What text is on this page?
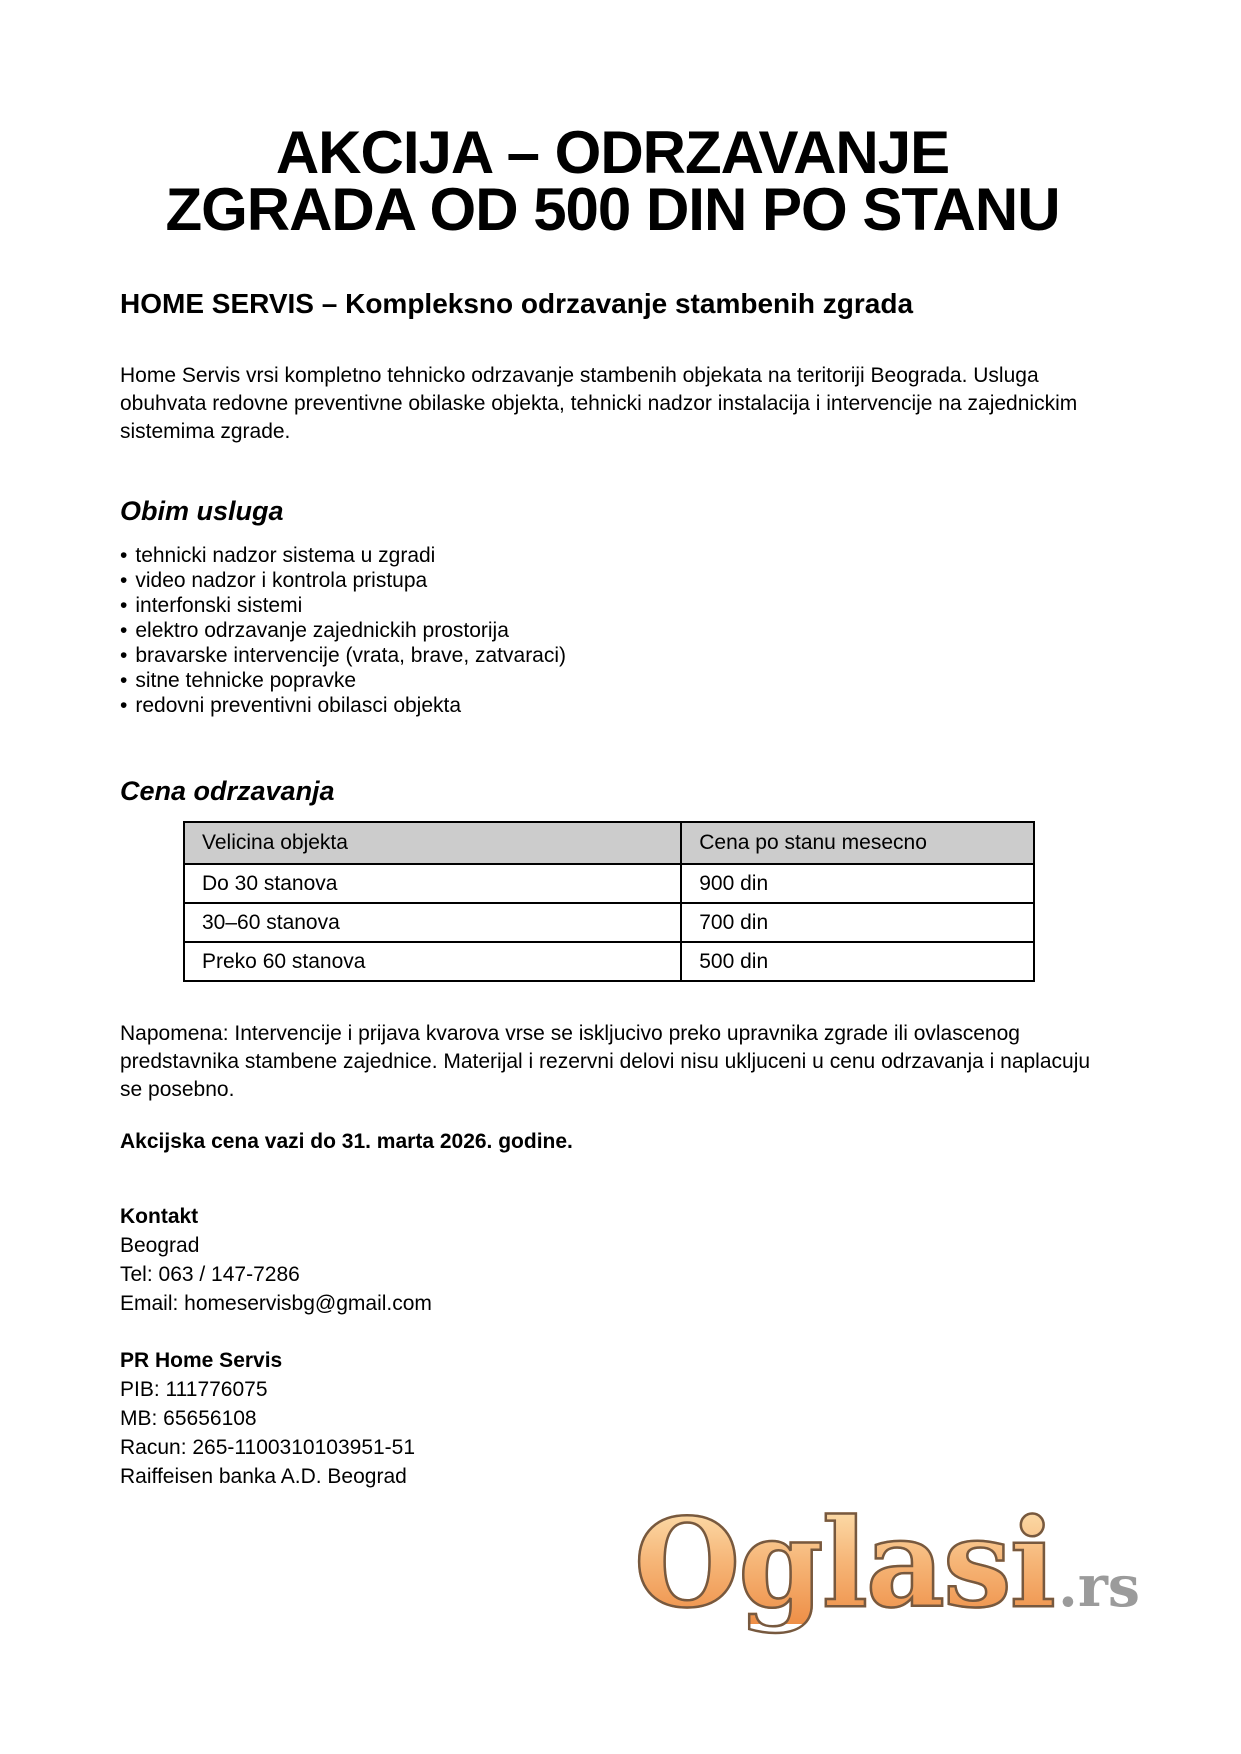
AKCIJA – ODRZAVANJE
ZGRADA OD 500 DIN PO STANU
HOME SERVIS – Kompleksno odrzavanje stambenih zgrada
Home Servis vrsi kompletno tehnicko odrzavanje stambenih objekata na teritoriji Beograda. Usluga
obuhvata redovne preventivne obilaske objekta, tehnicki nadzor instalacija i intervencije na zajednickim
sistemima zgrade.
Obim usluga
• tehnicki nadzor sistema u zgradi
• video nadzor i kontrola pristupa
• interfonski sistemi
• elektro odrzavanje zajednickih prostorija
• bravarske intervencije (vrata, brave, zatvaraci)
• sitne tehnicke popravke
• redovni preventivni obilasci objekta
Cena odrzavanja
Velicina objekta	Cena po stanu mesecno
Do 30 stanova	900 din
30–60 stanova	700 din
Preko 60 stanova	500 din
Napomena: Intervencije i prijava kvarova vrse se iskljucivo preko upravnika zgrade ili ovlascenog
predstavnika stambene zajednice. Materijal i rezervni delovi nisu ukljuceni u cenu odrzavanja i naplacuju
se posebno.
Akcijska cena vazi do 31. marta 2026. godine.
Kontakt
Beograd
Tel: 063 / 147-7286
Email: homeservisbg@gmail.com
PR Home Servis
PIB: 111776075
MB: 65656108
Racun: 265-1100310103951-51
Raiffeisen banka A.D. Beograd
Oglasi .rs
